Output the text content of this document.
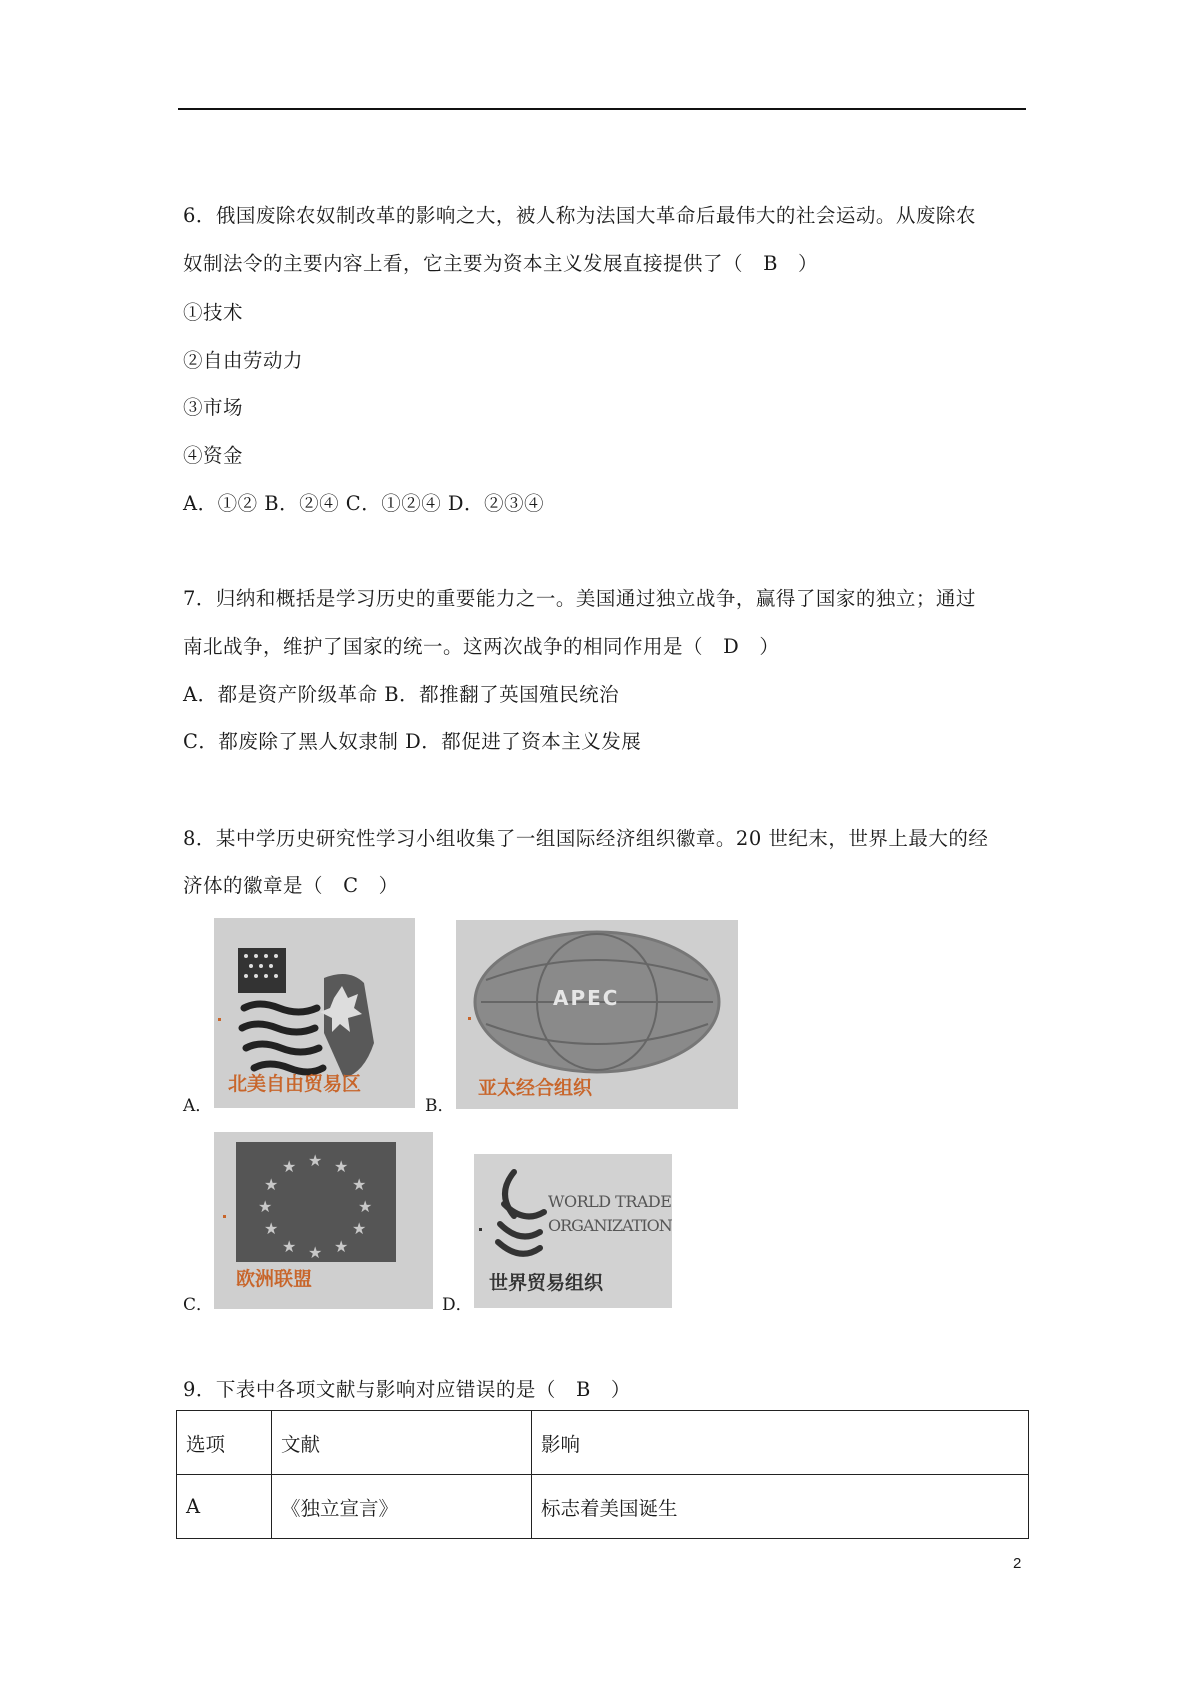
6．俄国废除农奴制改革的影响之大，被人称为法国大革命后最伟大的社会运动。从废除农
奴制法令的主要内容上看，它主要为资本主义发展直接提供了（   B   ）
①技术
②自由劳动力
③市场
④资金
A．①② B．②④ C．①②④ D．②③④
7．归纳和概括是学习历史的重要能力之一。美国通过独立战争，赢得了国家的独立；通过
南北战争，维护了国家的统一。这两次战争的相同作用是（   D   ）
A．都是资产阶级革命 B．都推翻了英国殖民统治
C．都废除了黑人奴隶制 D．都促进了资本主义发展
8．某中学历史研究性学习小组收集了一组国际经济组织徽章。20 世纪末，世界上最大的经
济体的徽章是（   C   ）
A．
北美自由贸易区
B．
APEC
亚太经合组织
C．
★ ★
★
★
★
★
★
★
★
★
★
★
欧洲联盟
D．
WORLD TRADE
ORGANIZATION
世界贸易组织
9．下表中各项文献与影响对应错误的是（   B   ）
选项	文献	影响
A	《独立宣言》	标志着美国诞生
2
